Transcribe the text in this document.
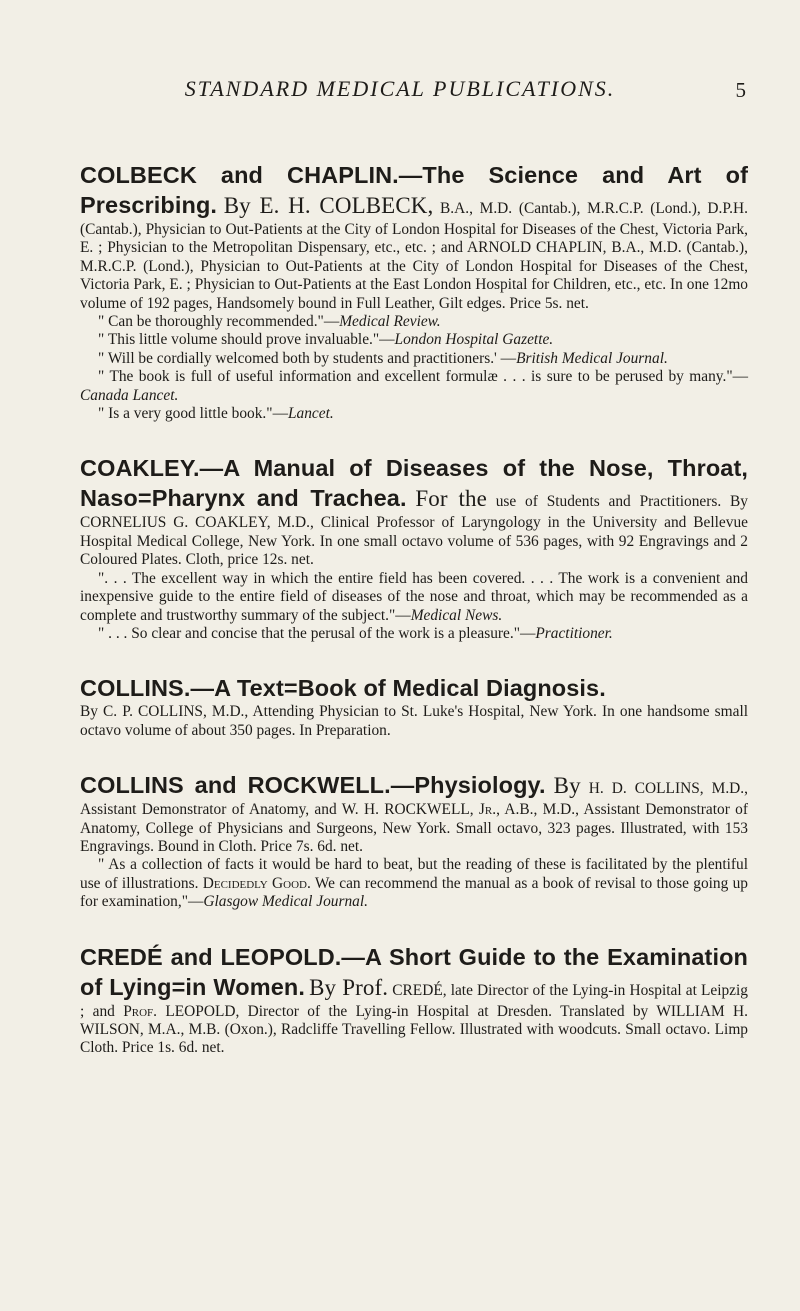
STANDARD MEDICAL PUBLICATIONS.	5

COLBECK and CHAPLIN.—The Science and Art of Prescribing. By E. H. COLBECK, B.A., M.D. (Cantab.), M.R.C.P. (Lond.), D.P.H. (Cantab.), Physician to Out-Patients at the City of London Hospital for Diseases of the Chest, Victoria Park, E. ; Physician to the Metropolitan Dispensary, etc., etc. ; and ARNOLD CHAPLIN, B.A., M.D. (Cantab.), M.R.C.P. (Lond.), Physician to Out-Patients at the City of London Hospital for Diseases of the Chest, Victoria Park, E. ; Physician to Out-Patients at the East London Hospital for Children, etc., etc. In one 12mo volume of 192 pages, Handsomely bound in Full Leather, Gilt edges. Price 5s. net.

" Can be thoroughly recommended."—Medical Review.

" This little volume should prove invaluable."—London Hospital Gazette.

" Will be cordially welcomed both by students and practitioners.' —British Medical Journal.

" The book is full of useful information and excellent formulæ . . . is sure to be perused by many."—Canada Lancet.

" Is a very good little book."—Lancet.

COAKLEY.—A Manual of Diseases of the Nose, Throat, Naso=Pharynx and Trachea. For the use of Students and Practitioners. By CORNELIUS G. COAKLEY, M.D., Clinical Professor of Laryngology in the University and Bellevue Hospital Medical College, New York. In one small octavo volume of 536 pages, with 92 Engravings and 2 Coloured Plates. Cloth, price 12s. net.

". . . The excellent way in which the entire field has been covered. . . . The work is a convenient and inexpensive guide to the entire field of diseases of the nose and throat, which may be recommended as a complete and trustworthy summary of the subject."—Medical News.

" . . . So clear and concise that the perusal of the work is a pleasure."—Practitioner.

COLLINS.—A Text=Book of Medical Diagnosis.

By C. P. COLLINS, M.D., Attending Physician to St. Luke's Hospital, New York. In one handsome small octavo volume of about 350 pages. In Preparation.

COLLINS and ROCKWELL.—Physiology. By H. D. COLLINS, M.D., Assistant Demonstrator of Anatomy, and W. H. ROCKWELL, Jr., A.B., M.D., Assistant Demonstrator of Anatomy, College of Physicians and Surgeons, New York. Small octavo, 323 pages. Illustrated, with 153 Engravings. Bound in Cloth. Price 7s. 6d. net.

" As a collection of facts it would be hard to beat, but the reading of these is facilitated by the plentiful use of illustrations. Decidedly Good. We can recommend the manual as a book of revisal to those going up for examination,"—Glasgow Medical Journal.

CREDÉ and LEOPOLD.—A Short Guide to the Examination of Lying=in Women. By Prof. CREDÉ, late Director of the Lying-in Hospital at Leipzig ; and Prof. LEOPOLD, Director of the Lying-in Hospital at Dresden. Translated by WILLIAM H. WILSON, M.A., M.B. (Oxon.), Radcliffe Travelling Fellow. Illustrated with woodcuts. Small octavo. Limp Cloth. Price 1s. 6d. net.
